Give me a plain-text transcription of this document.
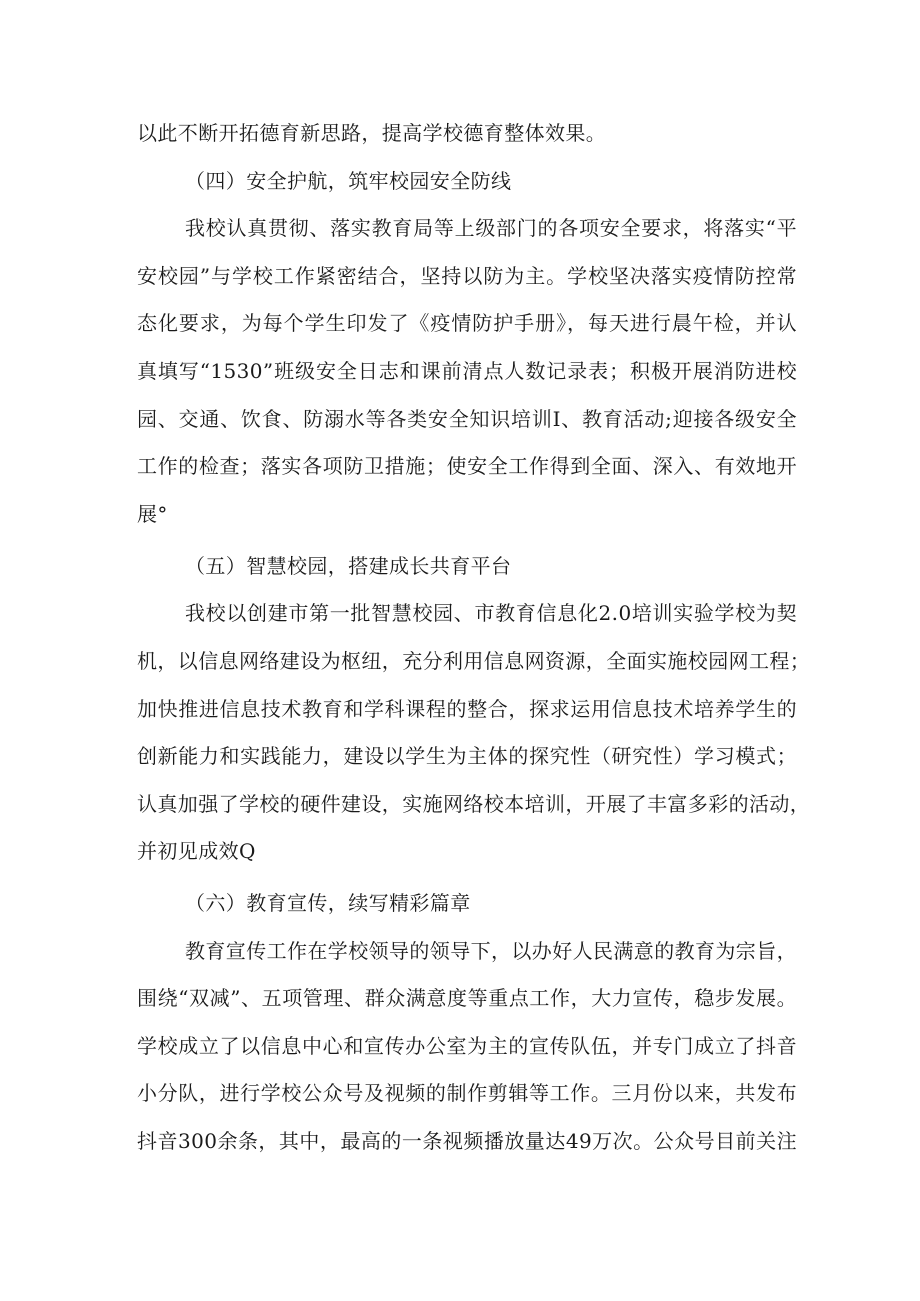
以此不断开拓德育新思路，提高学校德育整体效果。
（四）安全护航，筑牢校园安全防线
我校认真贯彻、落实教育局等上级部门的各项安全要求，将落实“平
安校园”与学校工作紧密结合，坚持以防为主。学校坚决落实疫情防控常
态化要求，为每个学生印发了《疫情防护手册》，每天进行晨午检，并认
真填写“1530”班级安全日志和课前清点人数记录表；积极开展消防进校
园、交通、饮食、防溺水等各类安全知识培训Ⅰ、教育活动;迎接各级安全
工作的检查；落实各项防卫措施；使安全工作得到全面、深入、有效地开
展°
（五）智慧校园，搭建成长共育平台
我校以创建市第一批智慧校园、市教育信息化2.0培训实验学校为契
机，以信息网络建设为枢纽，充分利用信息网资源，全面实施校园网工程；
加快推进信息技术教育和学科课程的整合，探求运用信息技术培养学生的
创新能力和实践能力，建设以学生为主体的探究性（研究性）学习模式；
认真加强了学校的硬件建设，实施网络校本培训，开展了丰富多彩的活动，
并初见成效Q
（六）教育宣传，续写精彩篇章
教育宣传工作在学校领导的领导下，以办好人民满意的教育为宗旨，
围绕“双减”、五项管理、群众满意度等重点工作，大力宣传，稳步发展。
学校成立了以信息中心和宣传办公室为主的宣传队伍，并专门成立了抖音
小分队，进行学校公众号及视频的制作剪辑等工作。三月份以来，共发布
抖音300余条，其中，最高的一条视频播放量达49万次。公众号目前关注
